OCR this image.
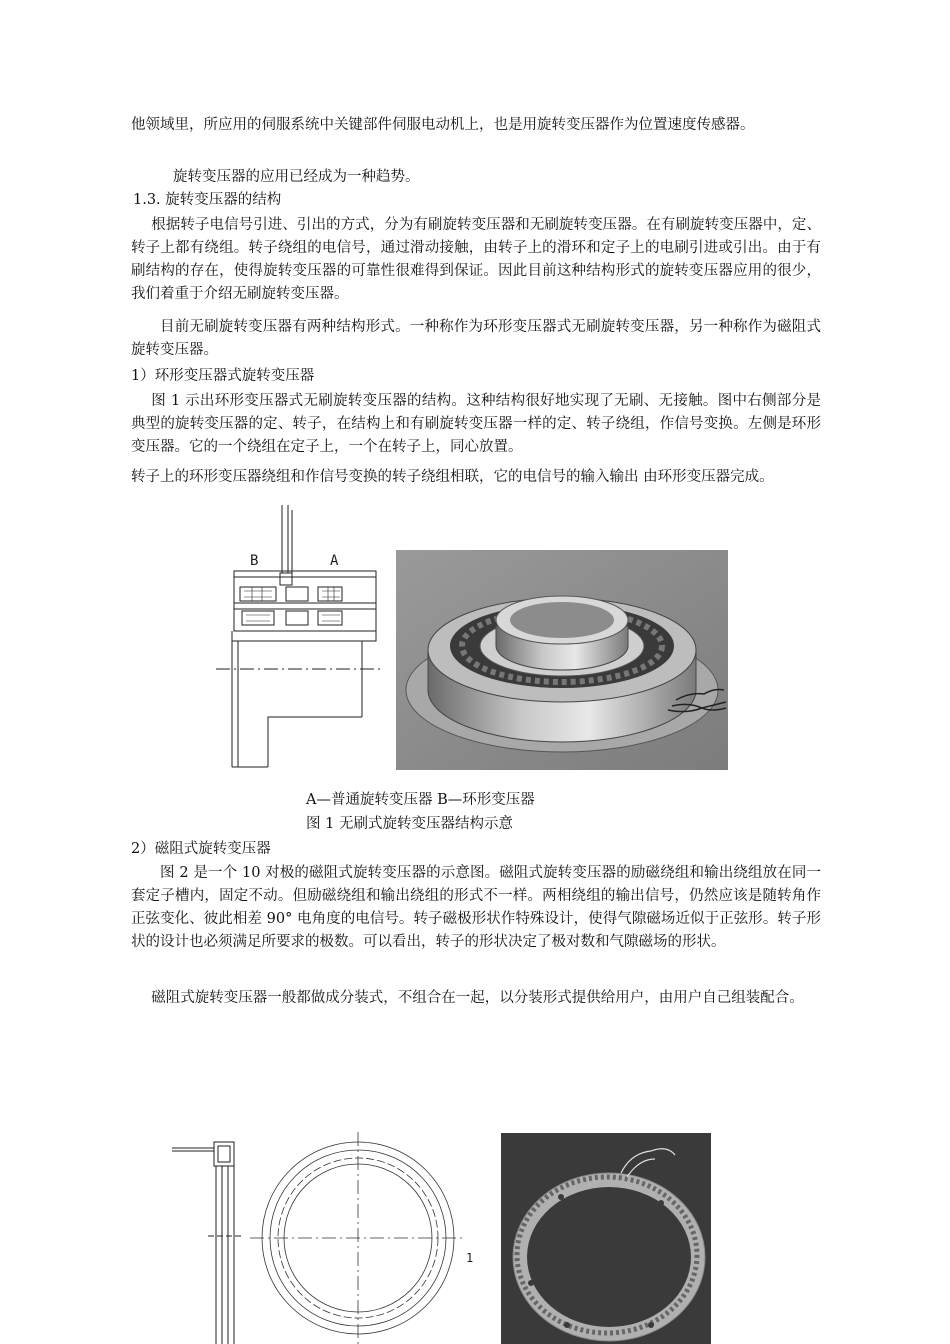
他领域里，所应用的伺服系统中关键部件伺服电动机上，也是用旋转变压器作为位置速度传感器。
旋转变压器的应用已经成为一种趋势。
1.3. 旋转变压器的结构
根据转子电信号引进、引出的方式，分为有刷旋转变压器和无刷旋转变压器。在有刷旋转变压器中，定、转子上都有绕组。转子绕组的电信号，通过滑动接触，由转子上的滑环和定子上的电刷引进或引出。由于有刷结构的存在，使得旋转变压器的可靠性很难得到保证。因此目前这种结构形式的旋转变压器应用的很少，我们着重于介绍无刷旋转变压器。
目前无刷旋转变压器有两种结构形式。一种称作为环形变压器式无刷旋转变压器，另一种称作为磁阻式旋转变压器。
1）环形变压器式旋转变压器
图 1 示出环形变压器式无刷旋转变压器的结构。这种结构很好地实现了无刷、无接触。图中右侧部分是典型的旋转变压器的定、转子，在结构上和有刷旋转变压器一样的定、转子绕组，作信号变换。左侧是环形变压器。它的一个绕组在定子上，一个在转子上，同心放置。
转子上的环形变压器绕组和作信号变换的转子绕组相联，它的电信号的输入输出 由环形变压器完成。
B	A
A—普通旋转变压器 B—环形变压器
图 1 无刷式旋转变压器结构示意
2）磁阻式旋转变压器
图 2 是一个 10 对极的磁阻式旋转变压器的示意图。磁阻式旋转变压器的励磁绕组和输出绕组放在同一套定子槽内，固定不动。但励磁绕组和输出绕组的形式不一样。两相绕组的输出信号，仍然应该是随转角作正弦变化、彼此相差 90° 电角度的电信号。转子磁极形状作特殊设计，使得气隙磁场近似于正弦形。转子形状的设计也必须满足所要求的极数。可以看出，转子的形状决定了极对数和气隙磁场的形状。
磁阻式旋转变压器一般都做成分装式，不组合在一起，以分装形式提供给用户，由用户自己组装配合。
1
